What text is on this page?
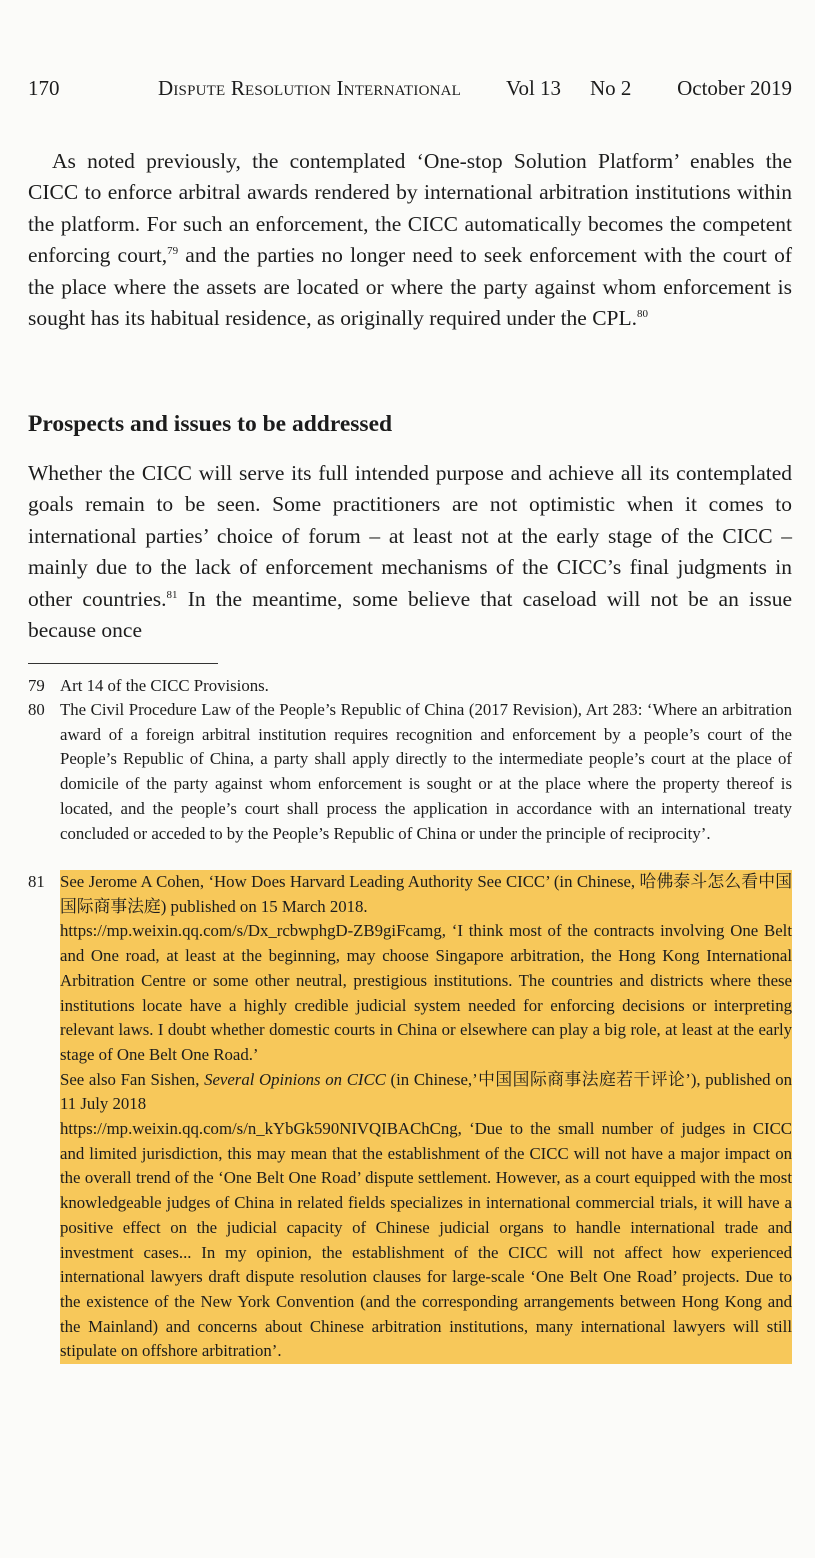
170	Dispute Resolution International Vol 13 No 2 October 2019
As noted previously, the contemplated ‘One-stop Solution Platform’ enables the CICC to enforce arbitral awards rendered by international arbitration institutions within the platform. For such an enforcement, the CICC automatically becomes the competent enforcing court,$^{79}$ and the parties no longer need to seek enforcement with the court of the place where the assets are located or where the party against whom enforcement is sought has its habitual residence, as originally required under the CPL.$^{80}$
Prospects and issues to be addressed
Whether the CICC will serve its full intended purpose and achieve all its contemplated goals remain to be seen. Some practitioners are not optimistic when it comes to international parties’ choice of forum – at least not at the early stage of the CICC – mainly due to the lack of enforcement mechanisms of the CICC’s final judgments in other countries.$^{81}$ In the meantime, some believe that caseload will not be an issue because once
79 Art 14 of the CICC Provisions.
80 The Civil Procedure Law of the People’s Republic of China (2017 Revision), Art 283: ‘Where an arbitration award of a foreign arbitral institution requires recognition and enforcement by a people’s court of the People’s Republic of China, a party shall apply directly to the intermediate people’s court at the place of domicile of the party against whom enforcement is sought or at the place where the property thereof is located, and the people’s court shall process the application in accordance with an international treaty concluded or acceded to by the People’s Republic of China or under the principle of reciprocity’.
81 See Jerome A Cohen, ‘How Does Harvard Leading Authority See CICC’ (in Chinese, 哈佛泰斗怎么看中国国际商事法庭) published on 15 March 2018.
https://mp.weixin.qq.com/s/Dx_rcbwphgD-ZB9giFcamg, ‘I think most of the contracts involving One Belt and One road, at least at the beginning, may choose Singapore arbitration, the Hong Kong International Arbitration Centre or some other neutral, prestigious institutions. The countries and districts where these institutions locate have a highly credible judicial system needed for enforcing decisions or interpreting relevant laws. I doubt whether domestic courts in China or elsewhere can play a big role, at least at the early stage of One Belt One Road.’
See also Fan Sishen, Several Opinions on CICC (in Chinese,’中国国际商事法庭若干评论’), published on 11 July 2018
https://mp.weixin.qq.com/s/n_kYbGk590NIVQIBAChCng, ‘Due to the small number of judges in CICC and limited jurisdiction, this may mean that the establishment of the CICC will not have a major impact on the overall trend of the ‘One Belt One Road’ dispute settlement. However, as a court equipped with the most knowledgeable judges of China in related fields specializes in international commercial trials, it will have a positive effect on the judicial capacity of Chinese judicial organs to handle international trade and investment cases... In my opinion, the establishment of the CICC will not affect how experienced international lawyers draft dispute resolution clauses for large-scale ‘One Belt One Road’ projects. Due to the existence of the New York Convention (and the corresponding arrangements between Hong Kong and the Mainland) and concerns about Chinese arbitration institutions, many international lawyers will still stipulate on offshore arbitration’.
